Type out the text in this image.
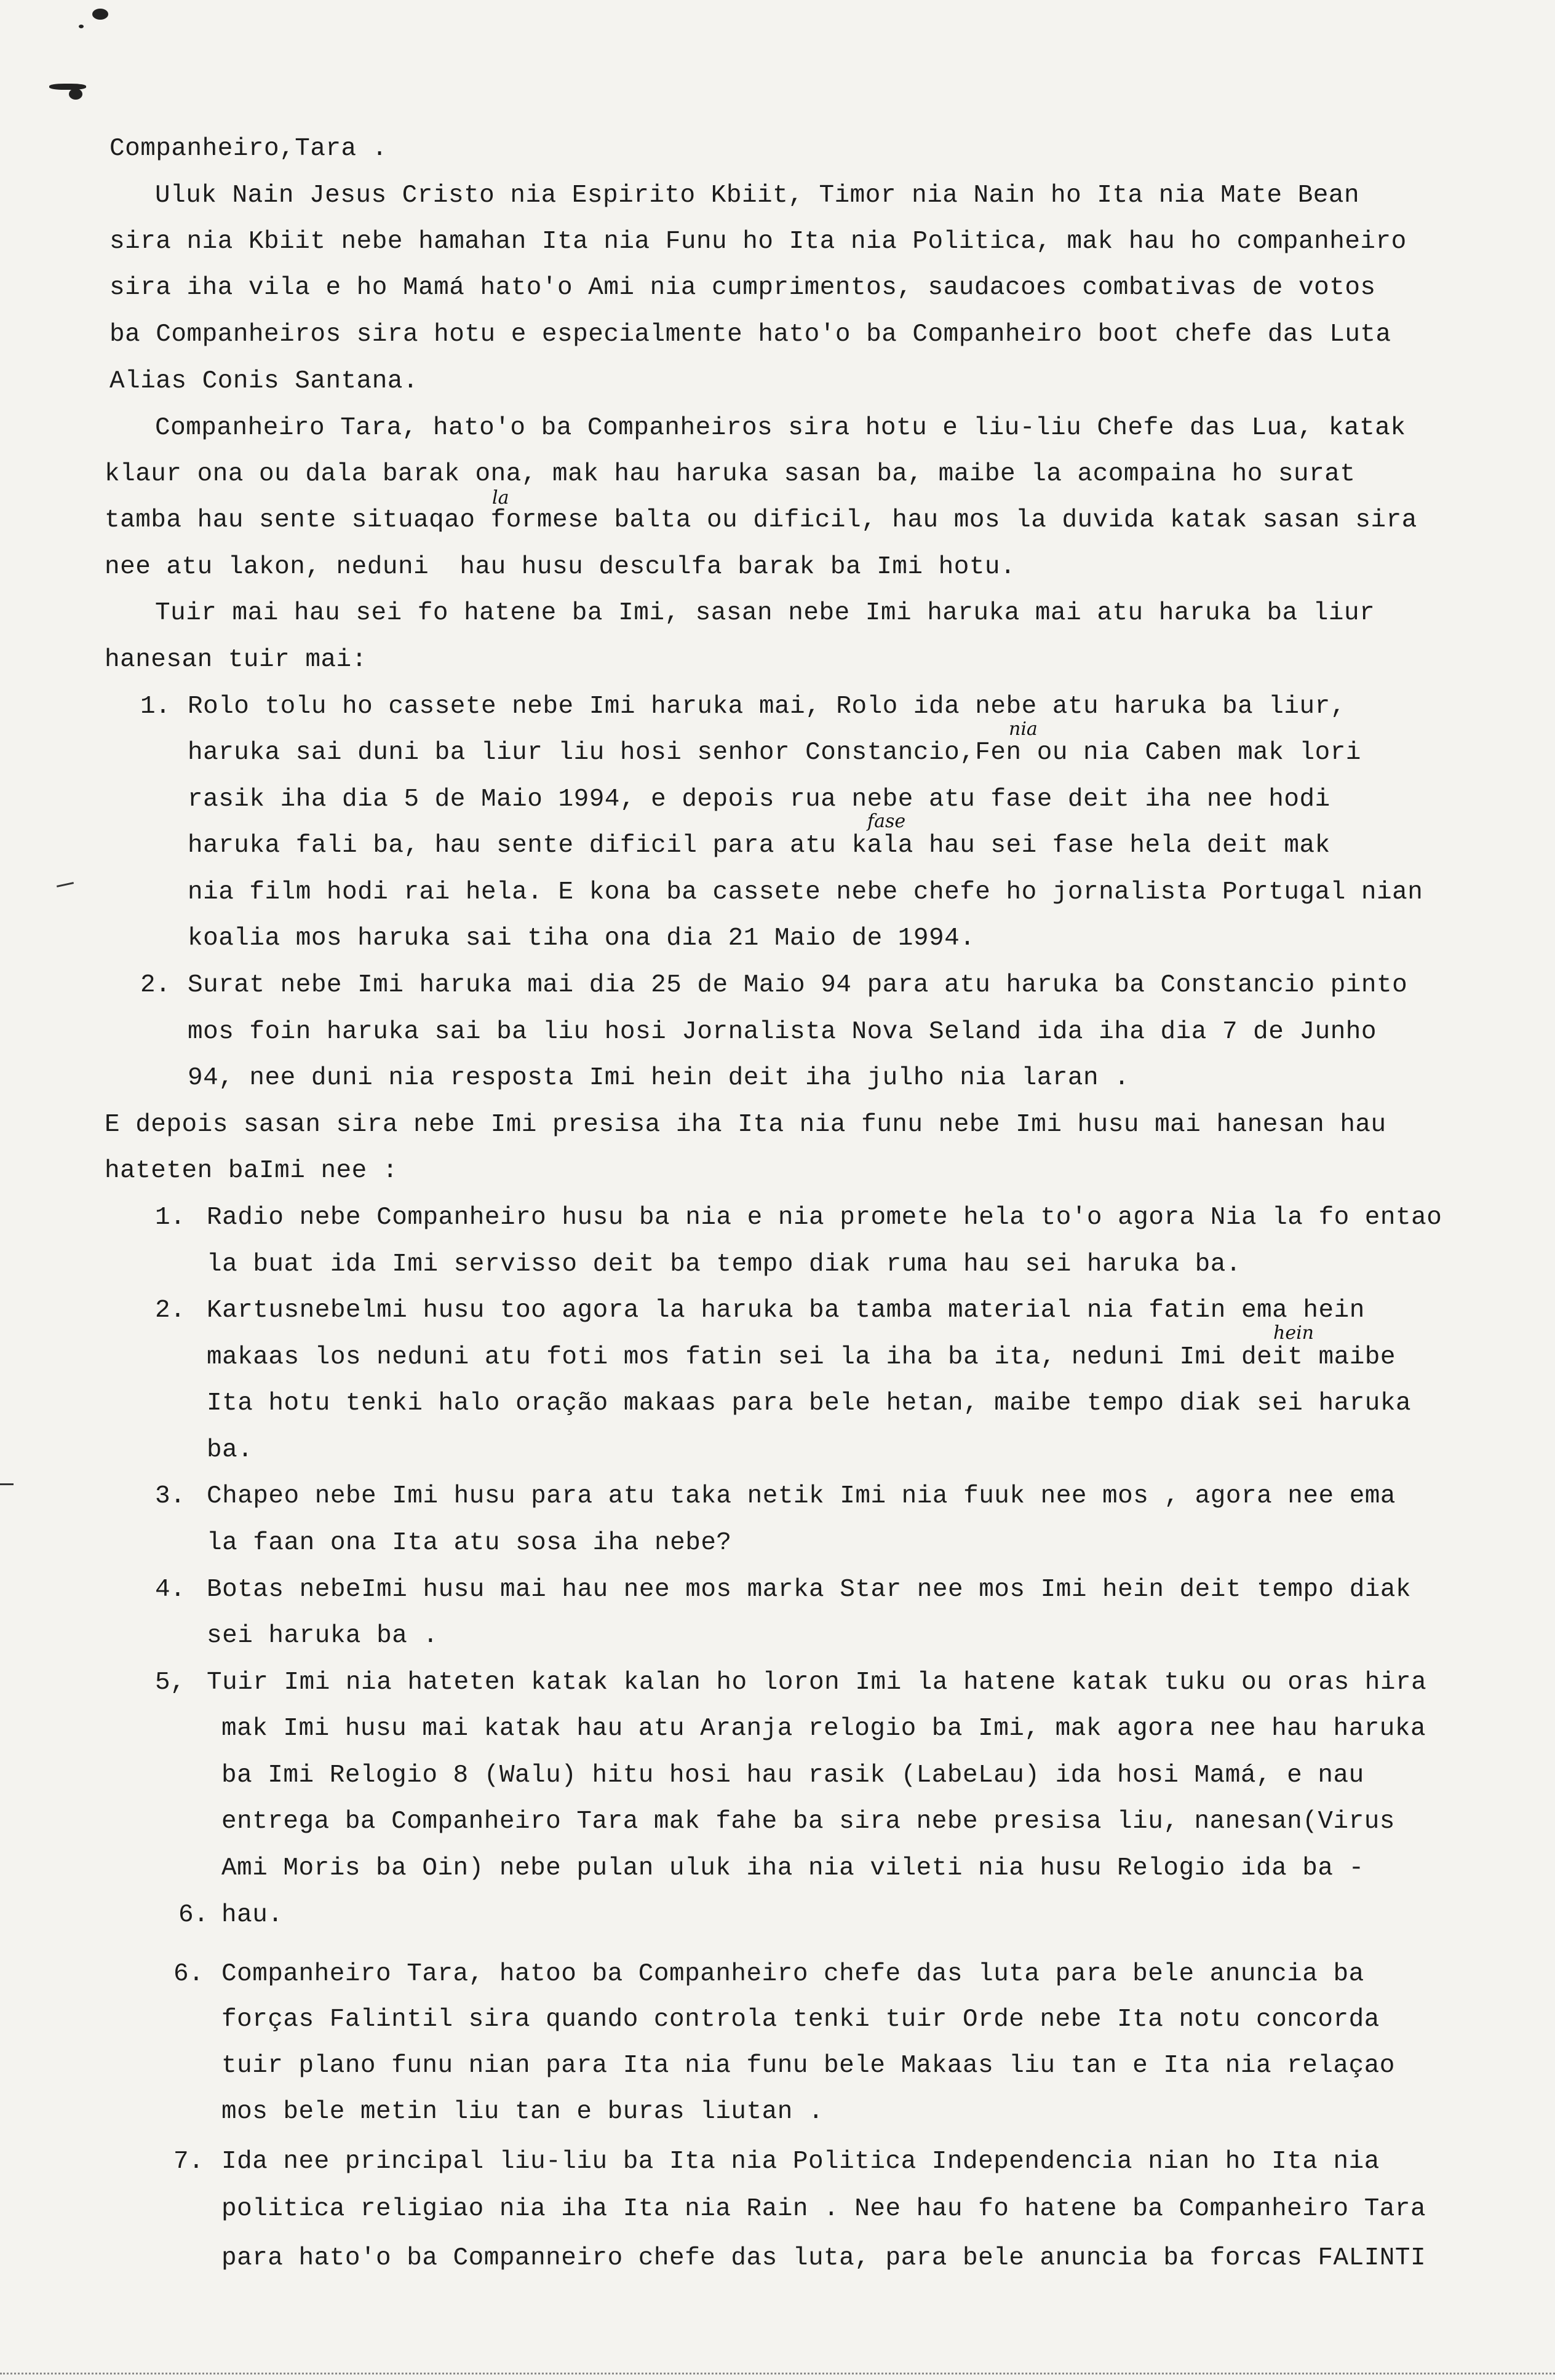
Companheiro,Tara .
Uluk Nain Jesus Cristo nia Espirito Kbiit, Timor nia Nain ho Ita nia Mate Bean
sira nia Kbiit nebe hamahan Ita nia Funu ho Ita nia Politica, mak hau ho companheiro
sira iha vila e ho Mamá hato'o Ami nia cumprimentos, saudacoes combativas de votos
ba Companheiros sira hotu e especialmente hato'o ba Companheiro boot chefe das Luta
Alias Conis Santana.
Companheiro Tara, hato'o ba Companheiros sira hotu e liu-liu Chefe das Lua, katak
klaur ona ou dala barak ona, mak hau haruka sasan ba, maibe la acompaina ho surat
la
tamba hau sente situaqao formese balta ou dificil, hau mos la duvida katak sasan sira
nee atu lakon, neduni  hau husu desculfa barak ba Imi hotu.
Tuir mai hau sei fo hatene ba Imi, sasan nebe Imi haruka mai atu haruka ba liur
hanesan tuir mai:
1. Rolo tolu ho cassete nebe Imi haruka mai, Rolo ida nebe atu haruka ba liur,
nia
haruka sai duni ba liur liu hosi senhor Constancio,Fen ou nia Caben mak lori
rasik iha dia 5 de Maio 1994, e depois rua nebe atu fase deit iha nee hodi
fase
haruka fali ba, hau sente dificil para atu kala hau sei fase hela deit mak
nia film hodi rai hela. E kona ba cassete nebe chefe ho jornalista Portugal nian
koalia mos haruka sai tiha ona dia 21 Maio de 1994.
2. Surat nebe Imi haruka mai dia 25 de Maio 94 para atu haruka ba Constancio pinto
mos foin haruka sai ba liu hosi Jornalista Nova Seland ida iha dia 7 de Junho
94, nee duni nia resposta Imi hein deit iha julho nia laran .
E depois sasan sira nebe Imi presisa iha Ita nia funu nebe Imi husu mai hanesan hau
hateten baImi nee :
1. Radio nebe Companheiro husu ba nia e nia promete hela to'o agora Nia la fo entao
la buat ida Imi servisso deit ba tempo diak ruma hau sei haruka ba.
2. Kartusnebelmi husu too agora la haruka ba tamba material nia fatin ema hein
hein
makaas los neduni atu foti mos fatin sei la iha ba ita, neduni Imi deit maibe
Ita hotu tenki halo oração makaas para bele hetan, maibe tempo diak sei haruka
ba.
3. Chapeo nebe Imi husu para atu taka netik Imi nia fuuk nee mos , agora nee ema
la faan ona Ita atu sosa iha nebe?
4. Botas nebeImi husu mai hau nee mos marka Star nee mos Imi hein deit tempo diak
sei haruka ba .
5, Tuir Imi nia hateten katak kalan ho loron Imi la hatene katak tuku ou oras hira
mak Imi husu mai katak hau atu Aranja relogio ba Imi, mak agora nee hau haruka
ba Imi Relogio 8 (Walu) hitu hosi hau rasik (LabeLau) ida hosi Mamá, e nau
entrega ba Companheiro Tara mak fahe ba sira nebe presisa liu, nanesan(Virus
Ami Moris ba Oin) nebe pulan uluk iha nia vileti nia husu Relogio ida ba -
6. hau.
6. Companheiro Tara, hatoo ba Companheiro chefe das luta para bele anuncia ba
forças Falintil sira quando controla tenki tuir Orde nebe Ita notu concorda
tuir plano funu nian para Ita nia funu bele Makaas liu tan e Ita nia relaçao
mos bele metin liu tan e buras liutan .
7. Ida nee principal liu-liu ba Ita nia Politica Independencia nian ho Ita nia
politica religiao nia iha Ita nia Rain . Nee hau fo hatene ba Companheiro Tara
para hato'o ba Companneiro chefe das luta, para bele anuncia ba forcas FALINTI
